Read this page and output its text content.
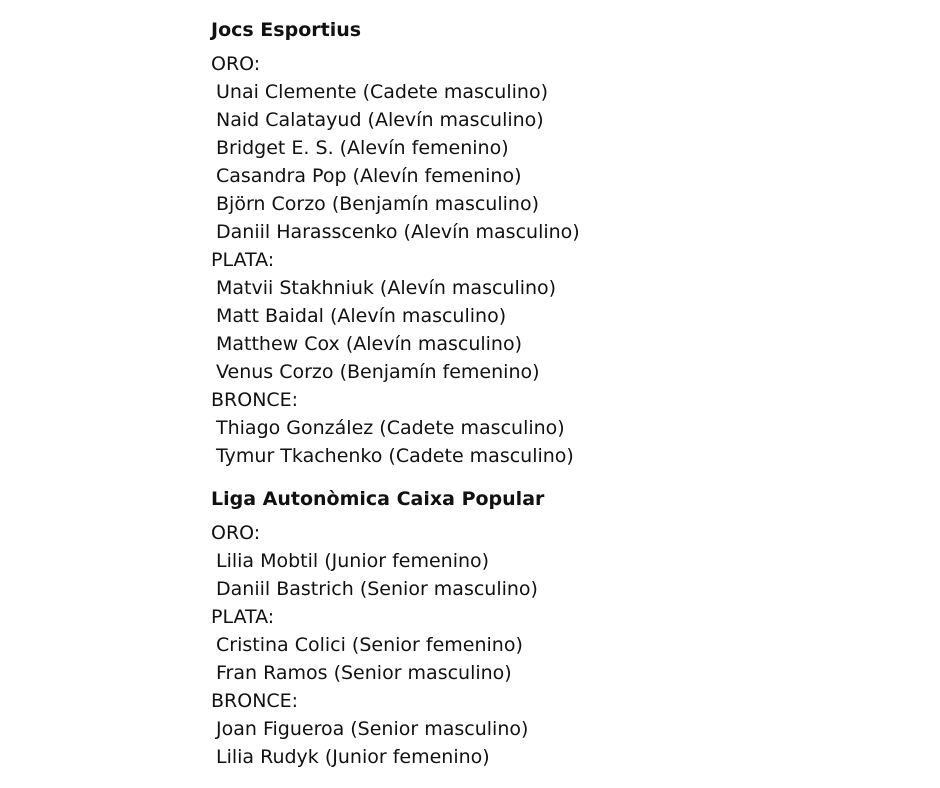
Jocs Esportius
ORO:
Unai Clemente (Cadete masculino)
Naid Calatayud (Alevín masculino)
Bridget E. S. (Alevín femenino)
Casandra Pop (Alevín femenino)
Björn Corzo (Benjamín masculino)
Daniil Harasscenko (Alevín masculino)
PLATA:
Matvii Stakhniuk (Alevín masculino)
Matt Baidal (Alevín masculino)
Matthew Cox (Alevín masculino)
Venus Corzo (Benjamín femenino)
BRONCE:
Thiago González (Cadete masculino)
Tymur Tkachenko (Cadete masculino)
Liga Autonòmica Caixa Popular
ORO:
Lilia Mobtil (Junior femenino)
Daniil Bastrich (Senior masculino)
PLATA:
Cristina Colici (Senior femenino)
Fran Ramos (Senior masculino)
BRONCE:
Joan Figueroa (Senior masculino)
Lilia Rudyk (Junior femenino)
